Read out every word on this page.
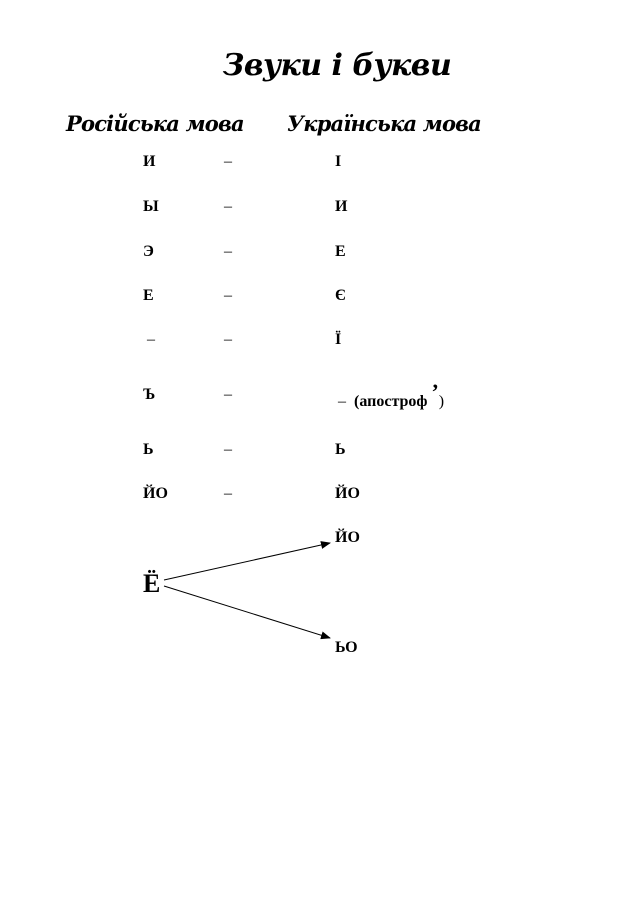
Звуки і букви
Російська мова Українська мова
И	–	І
Ы	–	И
Э	–	Е
Е	–	Є
–	–	Ї
Ъ	–	– (апостроф ’)
Ь	–	Ь
ЙО	–	ЙО
ЙО
Ё
ЬО
